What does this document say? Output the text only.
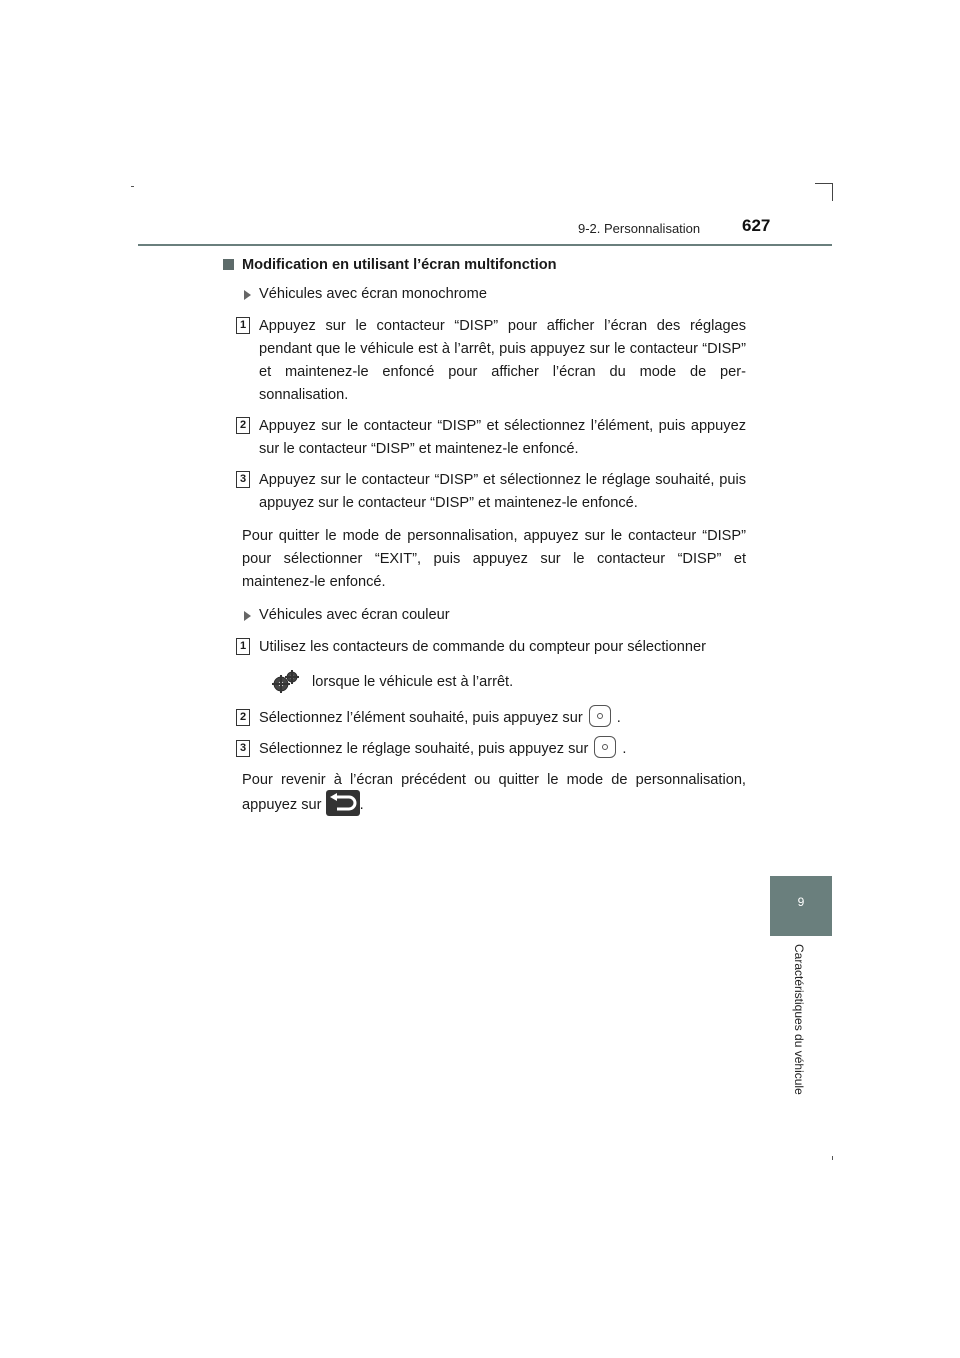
9-2. Personnalisation 627
9
Caractéristiques du véhicule
Modification en utilisant l’écran multifonction
Véhicules avec écran monochrome
1 Appuyez sur le contacteur “DISP” pour afficher l’écran des réglages pendant que le véhicule est à l’arrêt, puis appuyez sur le contacteur “DISP” et maintenez-le enfoncé pour afficher l’écran du mode de per- sonnalisation.
2 Appuyez sur le contacteur “DISP” et sélectionnez l’élément, puis appuyez sur le contacteur “DISP” et maintenez-le enfoncé.
3 Appuyez sur le contacteur “DISP” et sélectionnez le réglage souhaité, puis appuyez sur le contacteur “DISP” et maintenez-le enfoncé.
Pour quitter le mode de personnalisation, appuyez sur le contacteur “DISP” pour sélectionner “EXIT”, puis appuyez sur le contacteur “DISP” et maintenez-le enfoncé.
Véhicules avec écran couleur
1 Utilisez les contacteurs de commande du compteur pour sélectionner
lorsque le véhicule est à l’arrêt.
2 Sélectionnez l’élément souhaité, puis appuyez sur .
3 Sélectionnez le réglage souhaité, puis appuyez sur .
Pour revenir à l’écran précédent ou quitter le mode de personnalisation, appuyez sur	.
